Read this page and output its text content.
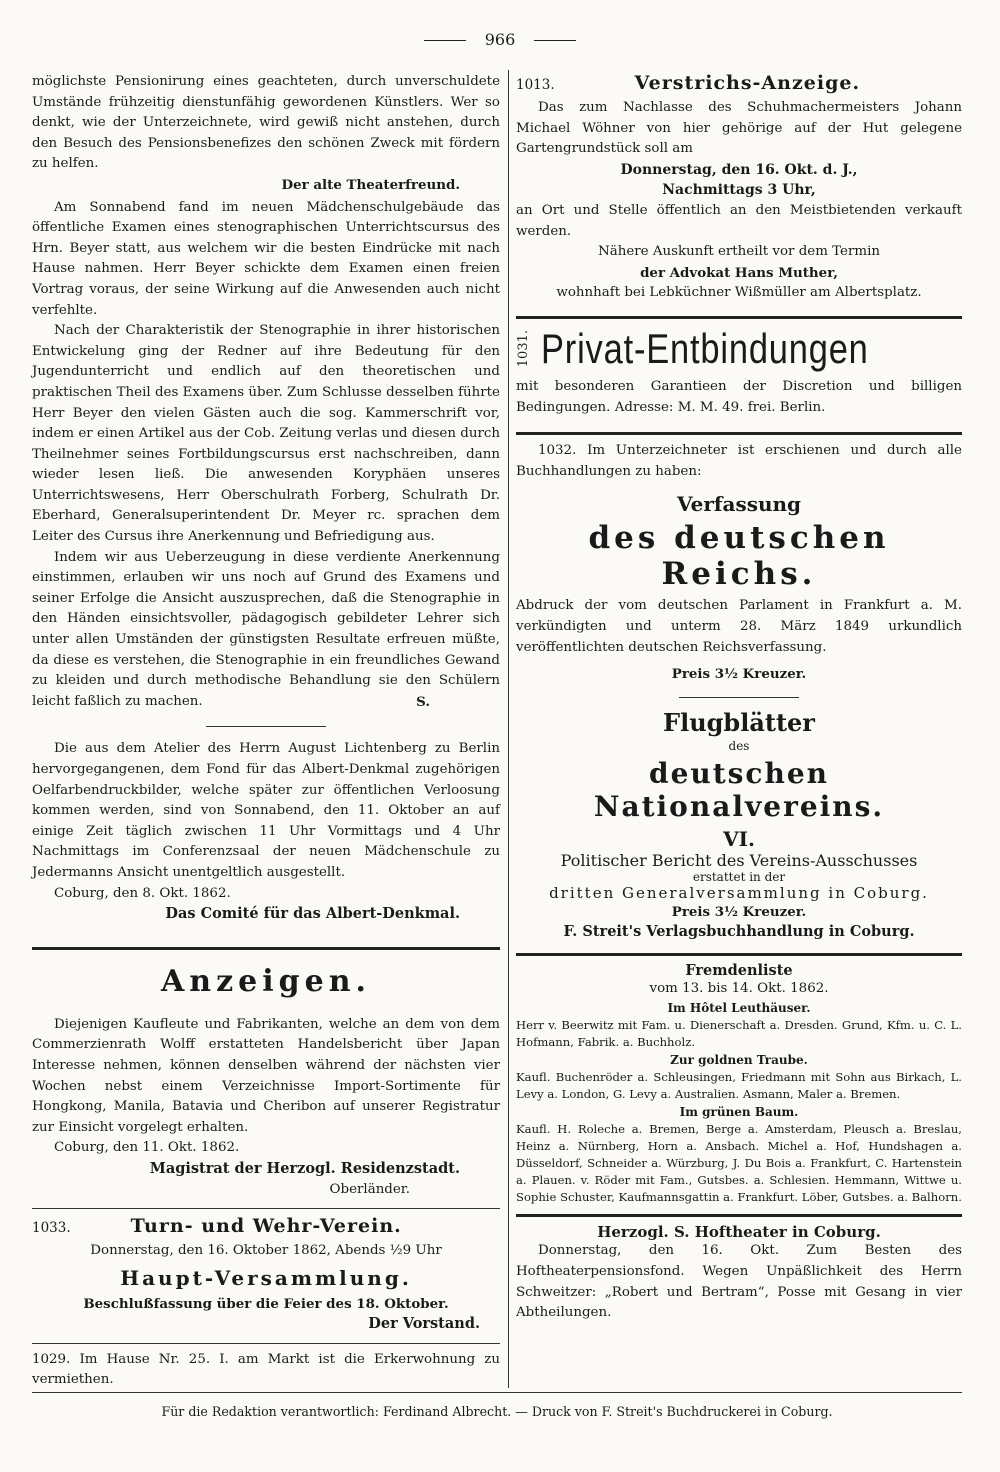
966

möglichste Pensionirung eines geachteten, durch unverschuldete Umstände frühzeitig dienstunfähig gewordenen Künstlers. Wer so denkt, wie der Unterzeichnete, wird gewiß nicht anstehen, durch den Besuch des Pensionsbenefizes den schönen Zweck mit fördern zu helfen.

Der alte Theaterfreund.

Am Sonnabend fand im neuen Mädchenschulgebäude das öffentliche Examen eines stenographischen Unterrichtscursus des Hrn. Beyer statt, aus welchem wir die besten Eindrücke mit nach Hause nahmen. Herr Beyer schickte dem Examen einen freien Vortrag voraus, der seine Wirkung auf die Anwesenden auch nicht verfehlte.

Nach der Charakteristik der Stenographie in ihrer historischen Entwickelung ging der Redner auf ihre Bedeutung für den Jugendunterricht und endlich auf den theoretischen und praktischen Theil des Examens über. Zum Schlusse desselben führte Herr Beyer den vielen Gästen auch die sog. Kammerschrift vor, indem er einen Artikel aus der Cob. Zeitung verlas und diesen durch Theilnehmer seines Fortbildungscursus erst nachschreiben, dann wieder lesen ließ. Die anwesenden Koryphäen unseres Unterrichtswesens, Herr Oberschulrath Forberg, Schulrath Dr. Eberhard, Generalsuperintendent Dr. Meyer rc. sprachen dem Leiter des Cursus ihre Anerkennung und Befriedigung aus.

Indem wir aus Ueberzeugung in diese verdiente Anerkennung einstimmen, erlauben wir uns noch auf Grund des Examens und seiner Erfolge die Ansicht auszusprechen, daß die Stenographie in den Händen einsichtsvoller, pädagogisch gebildeter Lehrer sich unter allen Umständen der günstigsten Resultate erfreuen müßte, da diese es verstehen, die Stenographie in ein freundliches Gewand zu kleiden und durch methodische Behandlung sie den Schülern leicht faßlich zu machen.	S.

Die aus dem Atelier des Herrn August Lichtenberg zu Berlin hervorgegangenen, dem Fond für das Albert-Denkmal zugehörigen Oelfarbendruckbilder, welche später zur öffentlichen Verloosung kommen werden, sind von Sonnabend, den 11. Oktober an auf einige Zeit täglich zwischen 11 Uhr Vormittags und 4 Uhr Nachmittags im Conferenzsaal der neuen Mädchenschule zu Jedermanns Ansicht unentgeltlich ausgestellt.

Coburg, den 8. Okt. 1862.

Das Comité für das Albert-Denkmal.

Anzeigen.

Diejenigen Kaufleute und Fabrikanten, welche an dem von dem Commerzienrath Wolff erstatteten Handelsbericht über Japan Interesse nehmen, können denselben während der nächsten vier Wochen nebst einem Verzeichnisse Import-Sortimente für Hongkong, Manila, Batavia und Cheribon auf unserer Registratur zur Einsicht vorgelegt erhalten.

Coburg, den 11. Okt. 1862.

Magistrat der Herzogl. Residenzstadt.

Oberländer.

1033.	Turn- und Wehr-Verein.

Donnerstag, den 16. Oktober 1862, Abends ½9 Uhr

Haupt-Versammlung.

Beschlußfassung über die Feier des 18. Oktober.

Der Vorstand.

1029. Im Hause Nr. 25. I. am Markt ist die Erkerwohnung zu vermiethen.

1013.	Verstrichs-Anzeige.

Das zum Nachlasse des Schuhmachermeisters Johann Michael Wöhner von hier gehörige auf der Hut gelegene Gartengrundstück soll am

Donnerstag, den 16. Okt. d. J.,

Nachmittags 3 Uhr,

an Ort und Stelle öffentlich an den Meistbietenden verkauft werden.

Nähere Auskunft ertheilt vor dem Termin

der Advokat Hans Muther,

wohnhaft bei Lebküchner Wißmüller am Albertsplatz.

1031. Privat-Entbindungen

mit besonderen Garantieen der Discretion und billigen Bedingungen. Adresse: M. M. 49. frei. Berlin.

1032. Im Unterzeichneter ist erschienen und durch alle Buchhandlungen zu haben:

Verfassung
des deutschen Reichs.

Abdruck der vom deutschen Parlament in Frankfurt a. M. verkündigten und unterm 28. März 1849 urkundlich veröffentlichten deutschen Reichsverfassung.

Preis 3½ Kreuzer.

Flugblätter
des
deutschen Nationalvereins.
VI.
Politischer Bericht des Vereins-Ausschusses
erstattet in der
dritten Generalversammlung in Coburg.

Preis 3½ Kreuzer.

F. Streit's Verlagsbuchhandlung in Coburg.

Fremdenliste

vom 13. bis 14. Okt. 1862.

Im Hôtel Leuthäuser.

Herr v. Beerwitz mit Fam. u. Dienerschaft a. Dresden. Grund, Kfm. u. C. L. Hofmann, Fabrik. a. Buchholz.

Zur goldnen Traube.

Kaufl. Buchenröder a. Schleusingen, Friedmann mit Sohn aus Birkach, L. Levy a. London, G. Levy a. Australien. Asmann, Maler a. Bremen.

Im grünen Baum.

Kaufl. H. Roleche a. Bremen, Berge a. Amsterdam, Pleusch a. Breslau, Heinz a. Nürnberg, Horn a. Ansbach. Michel a. Hof, Hundshagen a. Düsseldorf, Schneider a. Würzburg, J. Du Bois a. Frankfurt, C. Hartenstein a. Plauen. v. Röder mit Fam., Gutsbes. a. Schlesien. Hemmann, Wittwe u. Sophie Schuster, Kaufmannsgattin a. Frankfurt. Löber, Gutsbes. a. Balhorn.

Herzogl. S. Hoftheater in Coburg.

Donnerstag, den 16. Okt. Zum Besten des Hoftheaterpensionsfond. Wegen Unpäßlichkeit des Herrn Schweitzer: „Robert und Bertram“, Posse mit Gesang in vier Abtheilungen.

Für die Redaktion verantwortlich: Ferdinand Albrecht. — Druck von F. Streit's Buchdruckerei in Coburg.
